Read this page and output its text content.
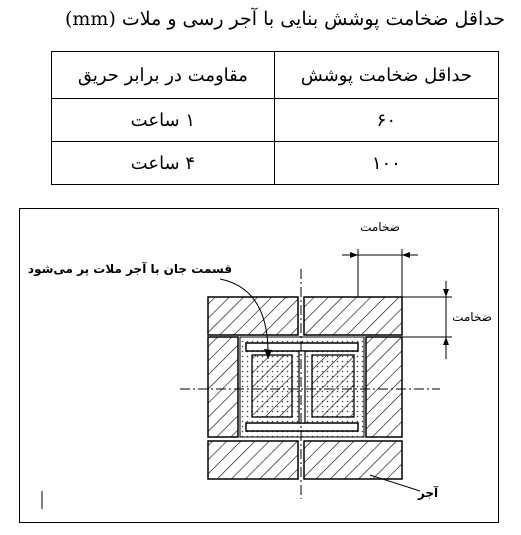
حداقل ضخامت پوشش بنایی با آجر رسی و ملات (mm)
حداقل ضخامت پوشش	مقاومت در برابر حریق
۶۰	۱ ساعت
۱۰۰	۴ ساعت
ضخامت
ضخامت
قسمت جان با آجر ملات پر می‌شود
آجر
